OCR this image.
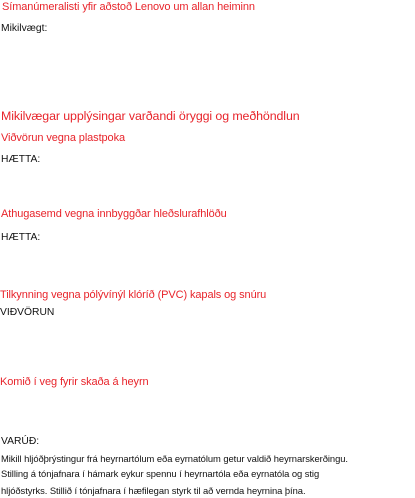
Símanúmeralisti yfir aðstoð Lenovo um allan heiminn
Mikilvægt:
Mikilvægar upplýsingar varðandi öryggi og meðhöndlun
Viðvörun vegna plastpoka
HÆTTA:
Athugasemd vegna innbyggðar hleðslurafhlöðu
HÆTTA:
Tilkynning vegna pólývínýl klóríð (PVC) kapals og snúru
VIÐVÖRUN
Komið í veg fyrir skaða á heyrn
VARÚÐ:
Mikill hljóðþrýstingur frá heyrnartólum eða eyrnatólum getur valdið heyrnarskerðingu.
Stilling á tónjafnara í hámark eykur spennu í heyrnartóla eða eyrnatóla og stig
hljóðstyrks. Stillið í tónjafnara í hæfilegan styrk til að vernda heyrnina þína.
